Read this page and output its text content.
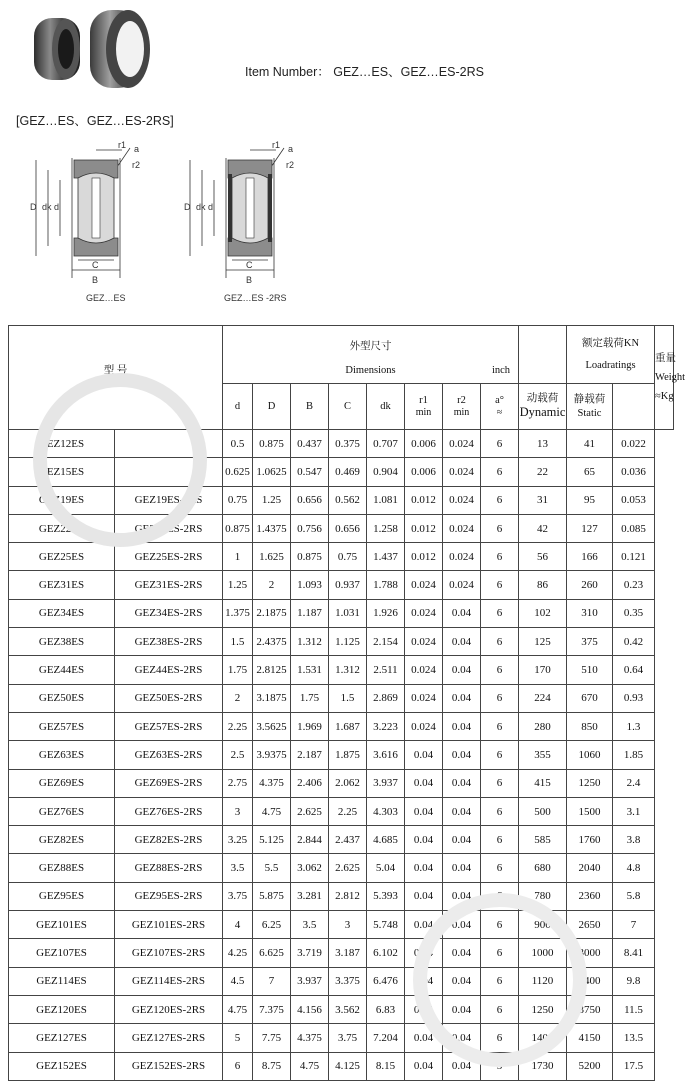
Item Number： GEZ…ES、GEZ…ES-2RS
[GEZ…ES、GEZ…ES-2RS]
D dk d
C
B
r1
r2
a
GEZ…ES
D dk d
C
B
r1
r2
a
GEZ…ES -2RS
型 号
Number		外型尺寸
Dimensions inch									额定载荷KN
Loadratings		重量
Weight
≈Kg

		d	D	B	C	dk	r1
min	r2
min	a°
≈	动载荷
Dynamic	静载荷
Static		

GEZ12ES		0.5	0.875	0.437	0.375	0.707	0.006	0.024	6	13	41	0.022	
GEZ15ES		0.625	1.0625	0.547	0.469	0.904	0.006	0.024	6	22	65	0.036	
GEZ19ES	GEZ19ES-2RS	0.75	1.25	0.656	0.562	1.081	0.012	0.024	6	31	95	0.053	
GEZ22ES	GEZ22ES-2RS	0.875	1.4375	0.756	0.656	1.258	0.012	0.024	6	42	127	0.085	
GEZ25ES	GEZ25ES-2RS	1	1.625	0.875	0.75	1.437	0.012	0.024	6	56	166	0.121	
GEZ31ES	GEZ31ES-2RS	1.25	2	1.093	0.937	1.788	0.024	0.024	6	86	260	0.23	
GEZ34ES	GEZ34ES-2RS	1.375	2.1875	1.187	1.031	1.926	0.024	0.04	6	102	310	0.35	
GEZ38ES	GEZ38ES-2RS	1.5	2.4375	1.312	1.125	2.154	0.024	0.04	6	125	375	0.42	
GEZ44ES	GEZ44ES-2RS	1.75	2.8125	1.531	1.312	2.511	0.024	0.04	6	170	510	0.64	
GEZ50ES	GEZ50ES-2RS	2	3.1875	1.75	1.5	2.869	0.024	0.04	6	224	670	0.93	
GEZ57ES	GEZ57ES-2RS	2.25	3.5625	1.969	1.687	3.223	0.024	0.04	6	280	850	1.3	
GEZ63ES	GEZ63ES-2RS	2.5	3.9375	2.187	1.875	3.616	0.04	0.04	6	355	1060	1.85	
GEZ69ES	GEZ69ES-2RS	2.75	4.375	2.406	2.062	3.937	0.04	0.04	6	415	1250	2.4	
GEZ76ES	GEZ76ES-2RS	3	4.75	2.625	2.25	4.303	0.04	0.04	6	500	1500	3.1	
GEZ82ES	GEZ82ES-2RS	3.25	5.125	2.844	2.437	4.685	0.04	0.04	6	585	1760	3.8	
GEZ88ES	GEZ88ES-2RS	3.5	5.5	3.062	2.625	5.04	0.04	0.04	6	680	2040	4.8	
GEZ95ES	GEZ95ES-2RS	3.75	5.875	3.281	2.812	5.393	0.04	0.04	6	780	2360	5.8	
GEZ101ES	GEZ101ES-2RS	4	6.25	3.5	3	5.748	0.04	0.04	6	900	2650	7	
GEZ107ES	GEZ107ES-2RS	4.25	6.625	3.719	3.187	6.102	0.04	0.04	6	1000	3000	8.41	
GEZ114ES	GEZ114ES-2RS	4.5	7	3.937	3.375	6.476	0.04	0.04	6	1120	3400	9.8	
GEZ120ES	GEZ120ES-2RS	4.75	7.375	4.156	3.562	6.83	0.04	0.04	6	1250	3750	11.5	
GEZ127ES	GEZ127ES-2RS	5	7.75	4.375	3.75	7.204	0.04	0.04	6	1400	4150	13.5	
GEZ152ES	GEZ152ES-2RS	6	8.75	4.75	4.125	8.15	0.04	0.04	5	1730	5200	17.5	
